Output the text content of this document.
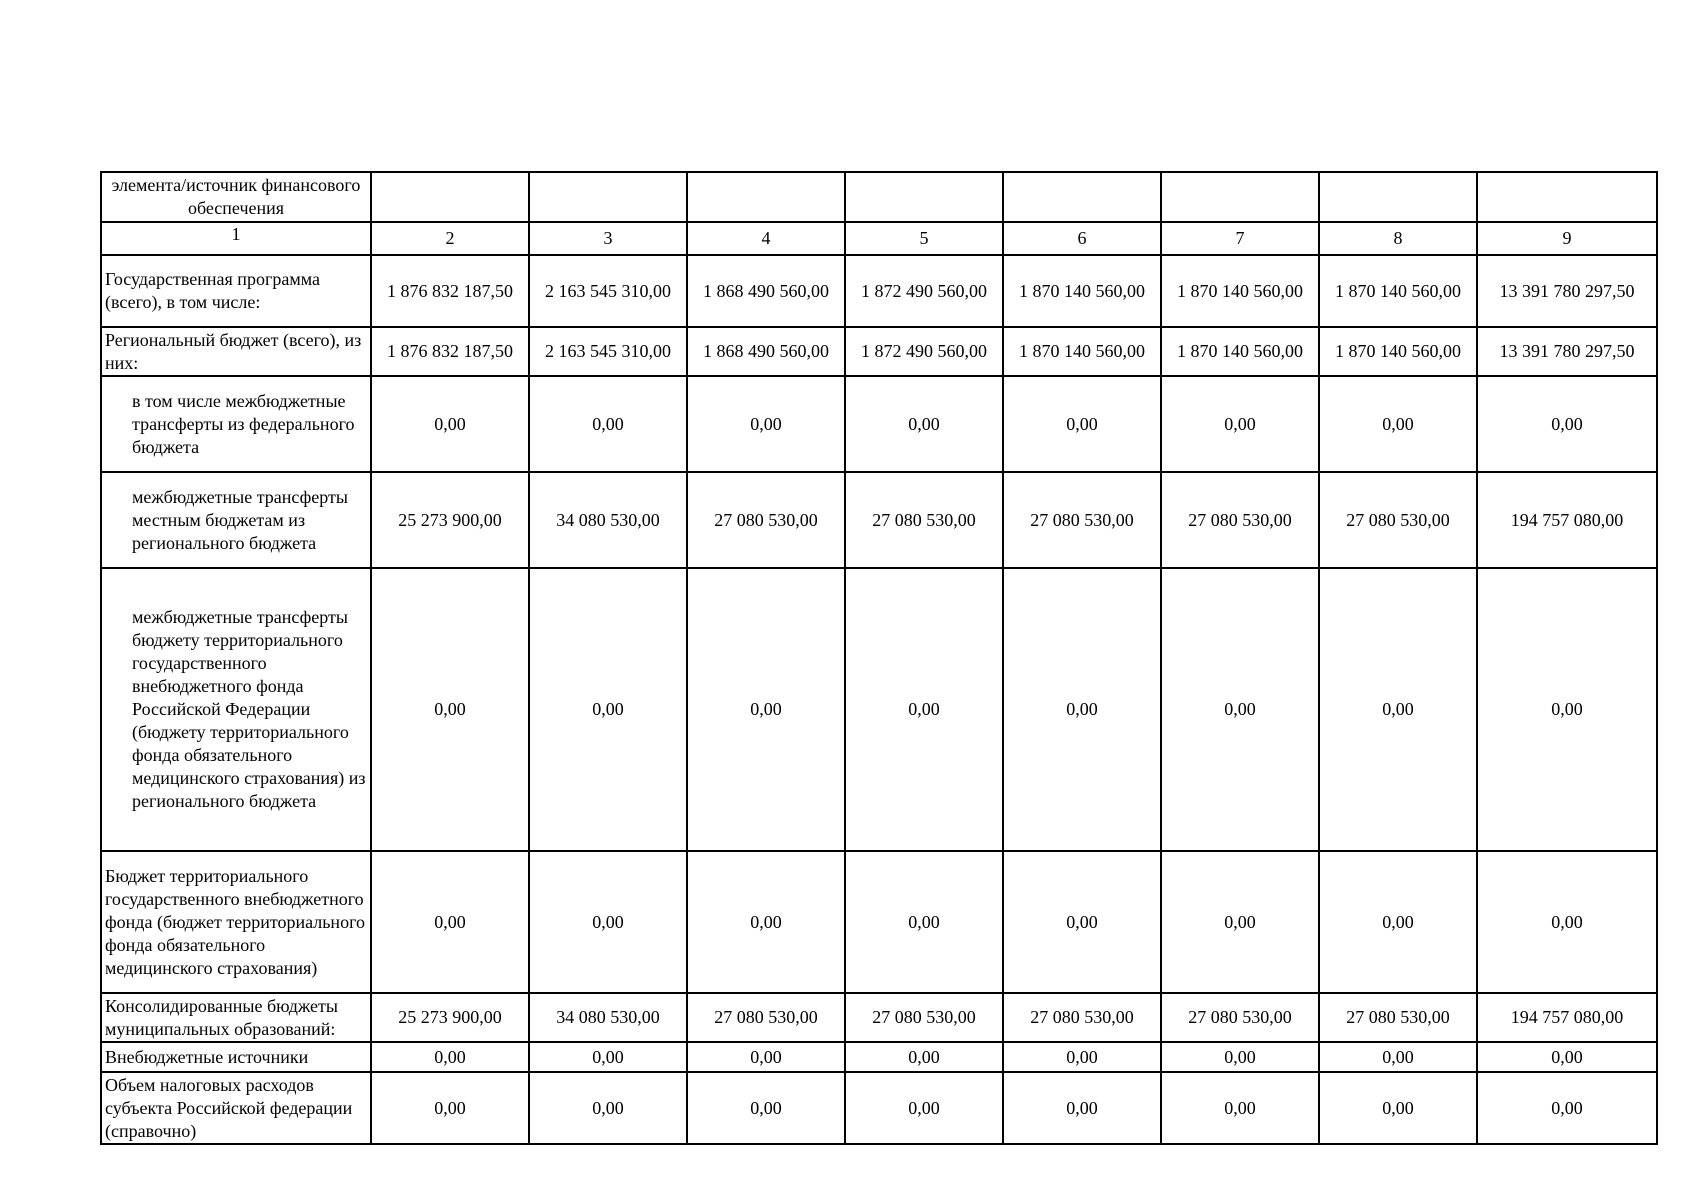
элемента/источник финансового обеспечения								
1	2	3	4	5	6	7	8	9
Государственная программа (всего), в том числе:	1 876 832 187,50	2 163 545 310,00	1 868 490 560,00	1 872 490 560,00	1 870 140 560,00	1 870 140 560,00	1 870 140 560,00	13 391 780 297,50
Региональный бюджет (всего), из них:	1 876 832 187,50	2 163 545 310,00	1 868 490 560,00	1 872 490 560,00	1 870 140 560,00	1 870 140 560,00	1 870 140 560,00	13 391 780 297,50
в том числе межбюджетные трансферты из федерального бюджета	0,00	0,00	0,00	0,00	0,00	0,00	0,00	0,00
межбюджетные трансферты местным бюджетам из регионального бюджета	25 273 900,00	34 080 530,00	27 080 530,00	27 080 530,00	27 080 530,00	27 080 530,00	27 080 530,00	194 757 080,00
межбюджетные трансферты бюджету территориального государственного внебюджетного фонда Российской Федерации (бюджету территориального фонда обязательного медицинского страхования) из регионального бюджета	0,00	0,00	0,00	0,00	0,00	0,00	0,00	0,00
Бюджет территориального государственного внебюджетного фонда (бюджет территориального фонда обязательного медицинского страхования)	0,00	0,00	0,00	0,00	0,00	0,00	0,00	0,00
Консолидированные бюджеты муниципальных образований:	25 273 900,00	34 080 530,00	27 080 530,00	27 080 530,00	27 080 530,00	27 080 530,00	27 080 530,00	194 757 080,00
Внебюджетные источники	0,00	0,00	0,00	0,00	0,00	0,00	0,00	0,00
Объем налоговых расходов субъекта Российской федерации (справочно)	0,00	0,00	0,00	0,00	0,00	0,00	0,00	0,00
